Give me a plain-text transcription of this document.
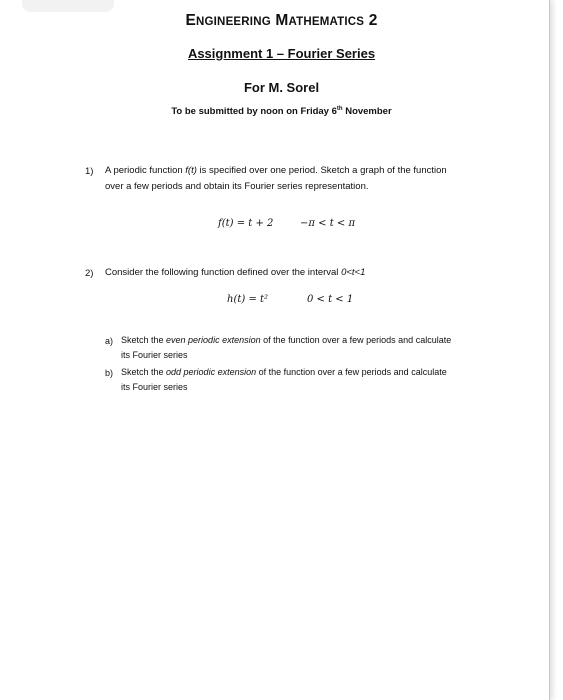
ENGINEERING MATHEMATICS 2
Assignment 1 – Fourier Series
For M. Sorel
To be submitted by noon on Friday 6th November
1) A periodic function f(t) is specified over one period. Sketch a graph of the function
over a few periods and obtain its Fourier series representation.
f(t) = t + 2	−π < t < π
2) Consider the following function defined over the interval 0<t<1
h(t) = t²	0 < t < 1
a) Sketch the even periodic extension of the function over a few periods and calculate
its Fourier series
b) Sketch the odd periodic extension of the function over a few periods and calculate
its Fourier series
